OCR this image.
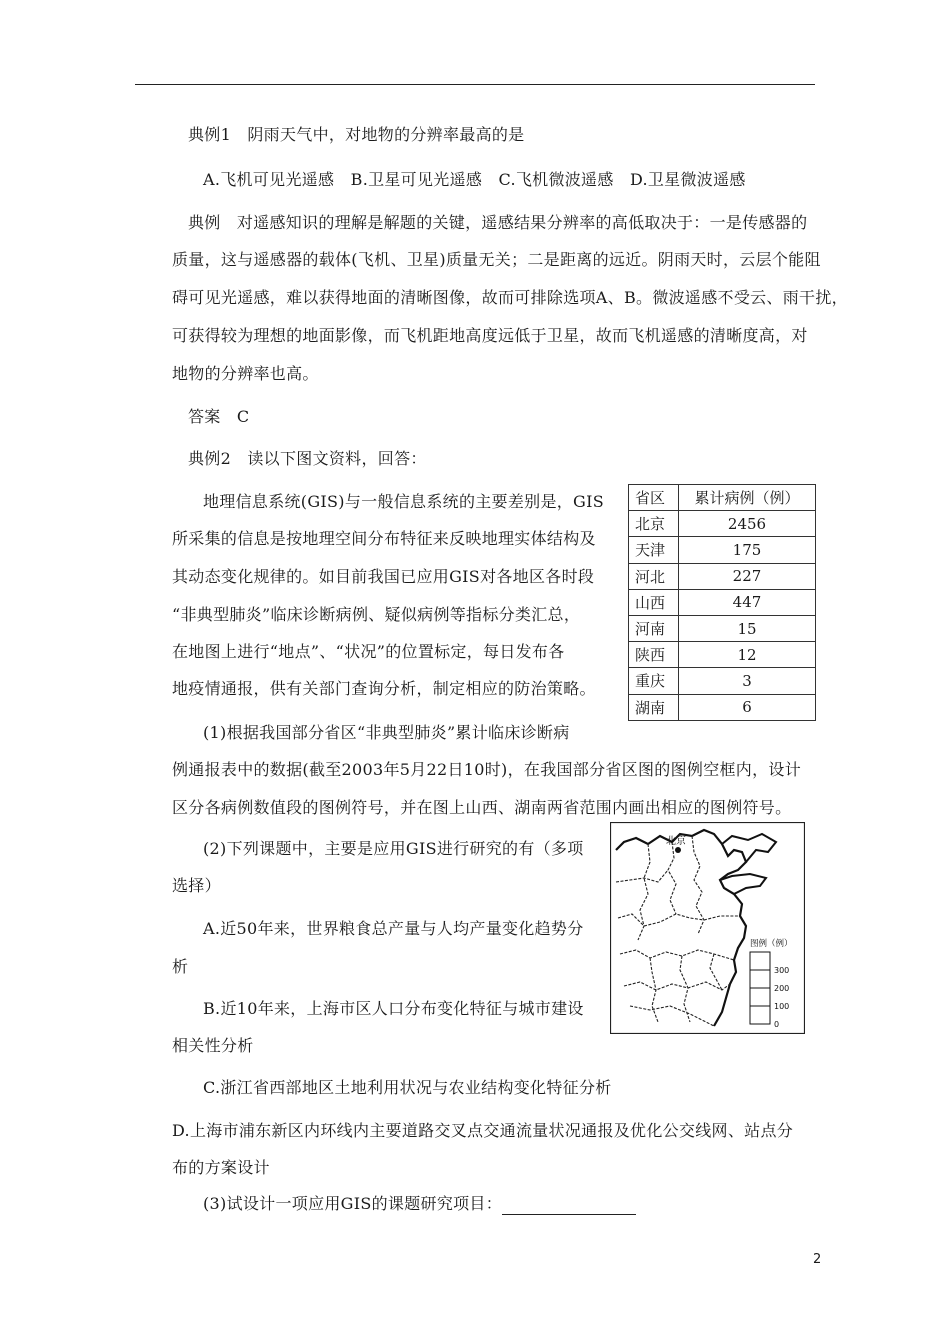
典例1　阴雨天气中，对地物的分辨率最高的是
A.飞机可见光遥感　B.卫星可见光遥感　C.飞机微波遥感　D.卫星微波遥感
典例　对遥感知识的理解是解题的关键，遥感结果分辨率的高低取决于：一是传感器的
质量，这与遥感器的载体(飞机、卫星)质量无关；二是距离的远近。阴雨天时，云层个能阻
碍可见光遥感，难以获得地面的清晰图像，故而可排除选项A、B。微波遥感不受云、雨干扰，
可获得较为理想的地面影像，而飞机距地高度远低于卫星，故而飞机遥感的清晰度高，对
地物的分辨率也高。
答案　C
典例2　读以下图文资料，回答：
地理信息系统(GIS)与一般信息系统的主要差别是，GIS
所采集的信息是按地理空间分布特征来反映地理实体结构及
其动态变化规律的。如目前我国已应用GIS对各地区各时段
“非典型肺炎”临床诊断病例、疑似病例等指标分类汇总，
在地图上进行“地点”、“状况”的位置标定，每日发布各
地疫情通报，供有关部门查询分析，制定相应的防治策略。
省区	累计病例（例）
北京	2456
天津	175
河北	227
山西	447
河南	15
陕西	12
重庆	3
湖南	6
(1)根据我国部分省区“非典型肺炎”累计临床诊断病
例通报表中的数据(截至2003年5月22日10时)，在我国部分省区图的图例空框内，设计
区分各病例数值段的图例符号，并在图上山西、湖南两省范围内画出相应的图例符号。
(2)下列课题中，主要是应用GIS进行研究的有（多项
选择）
A.近50年来，世界粮食总产量与人均产量变化趋势分
析
B.近10年来，上海市区人口分布变化特征与城市建设
相关性分析
C.浙江省西部地区土地利用状况与农业结构变化特征分析
D.上海市浦东新区内环线内主要道路交叉点交通流量状况通报及优化公交线网、站点分
布的方案设计
(3)试设计一项应用GIS的课题研究项目：
北京
图例（例）
300
200
100
0
2
